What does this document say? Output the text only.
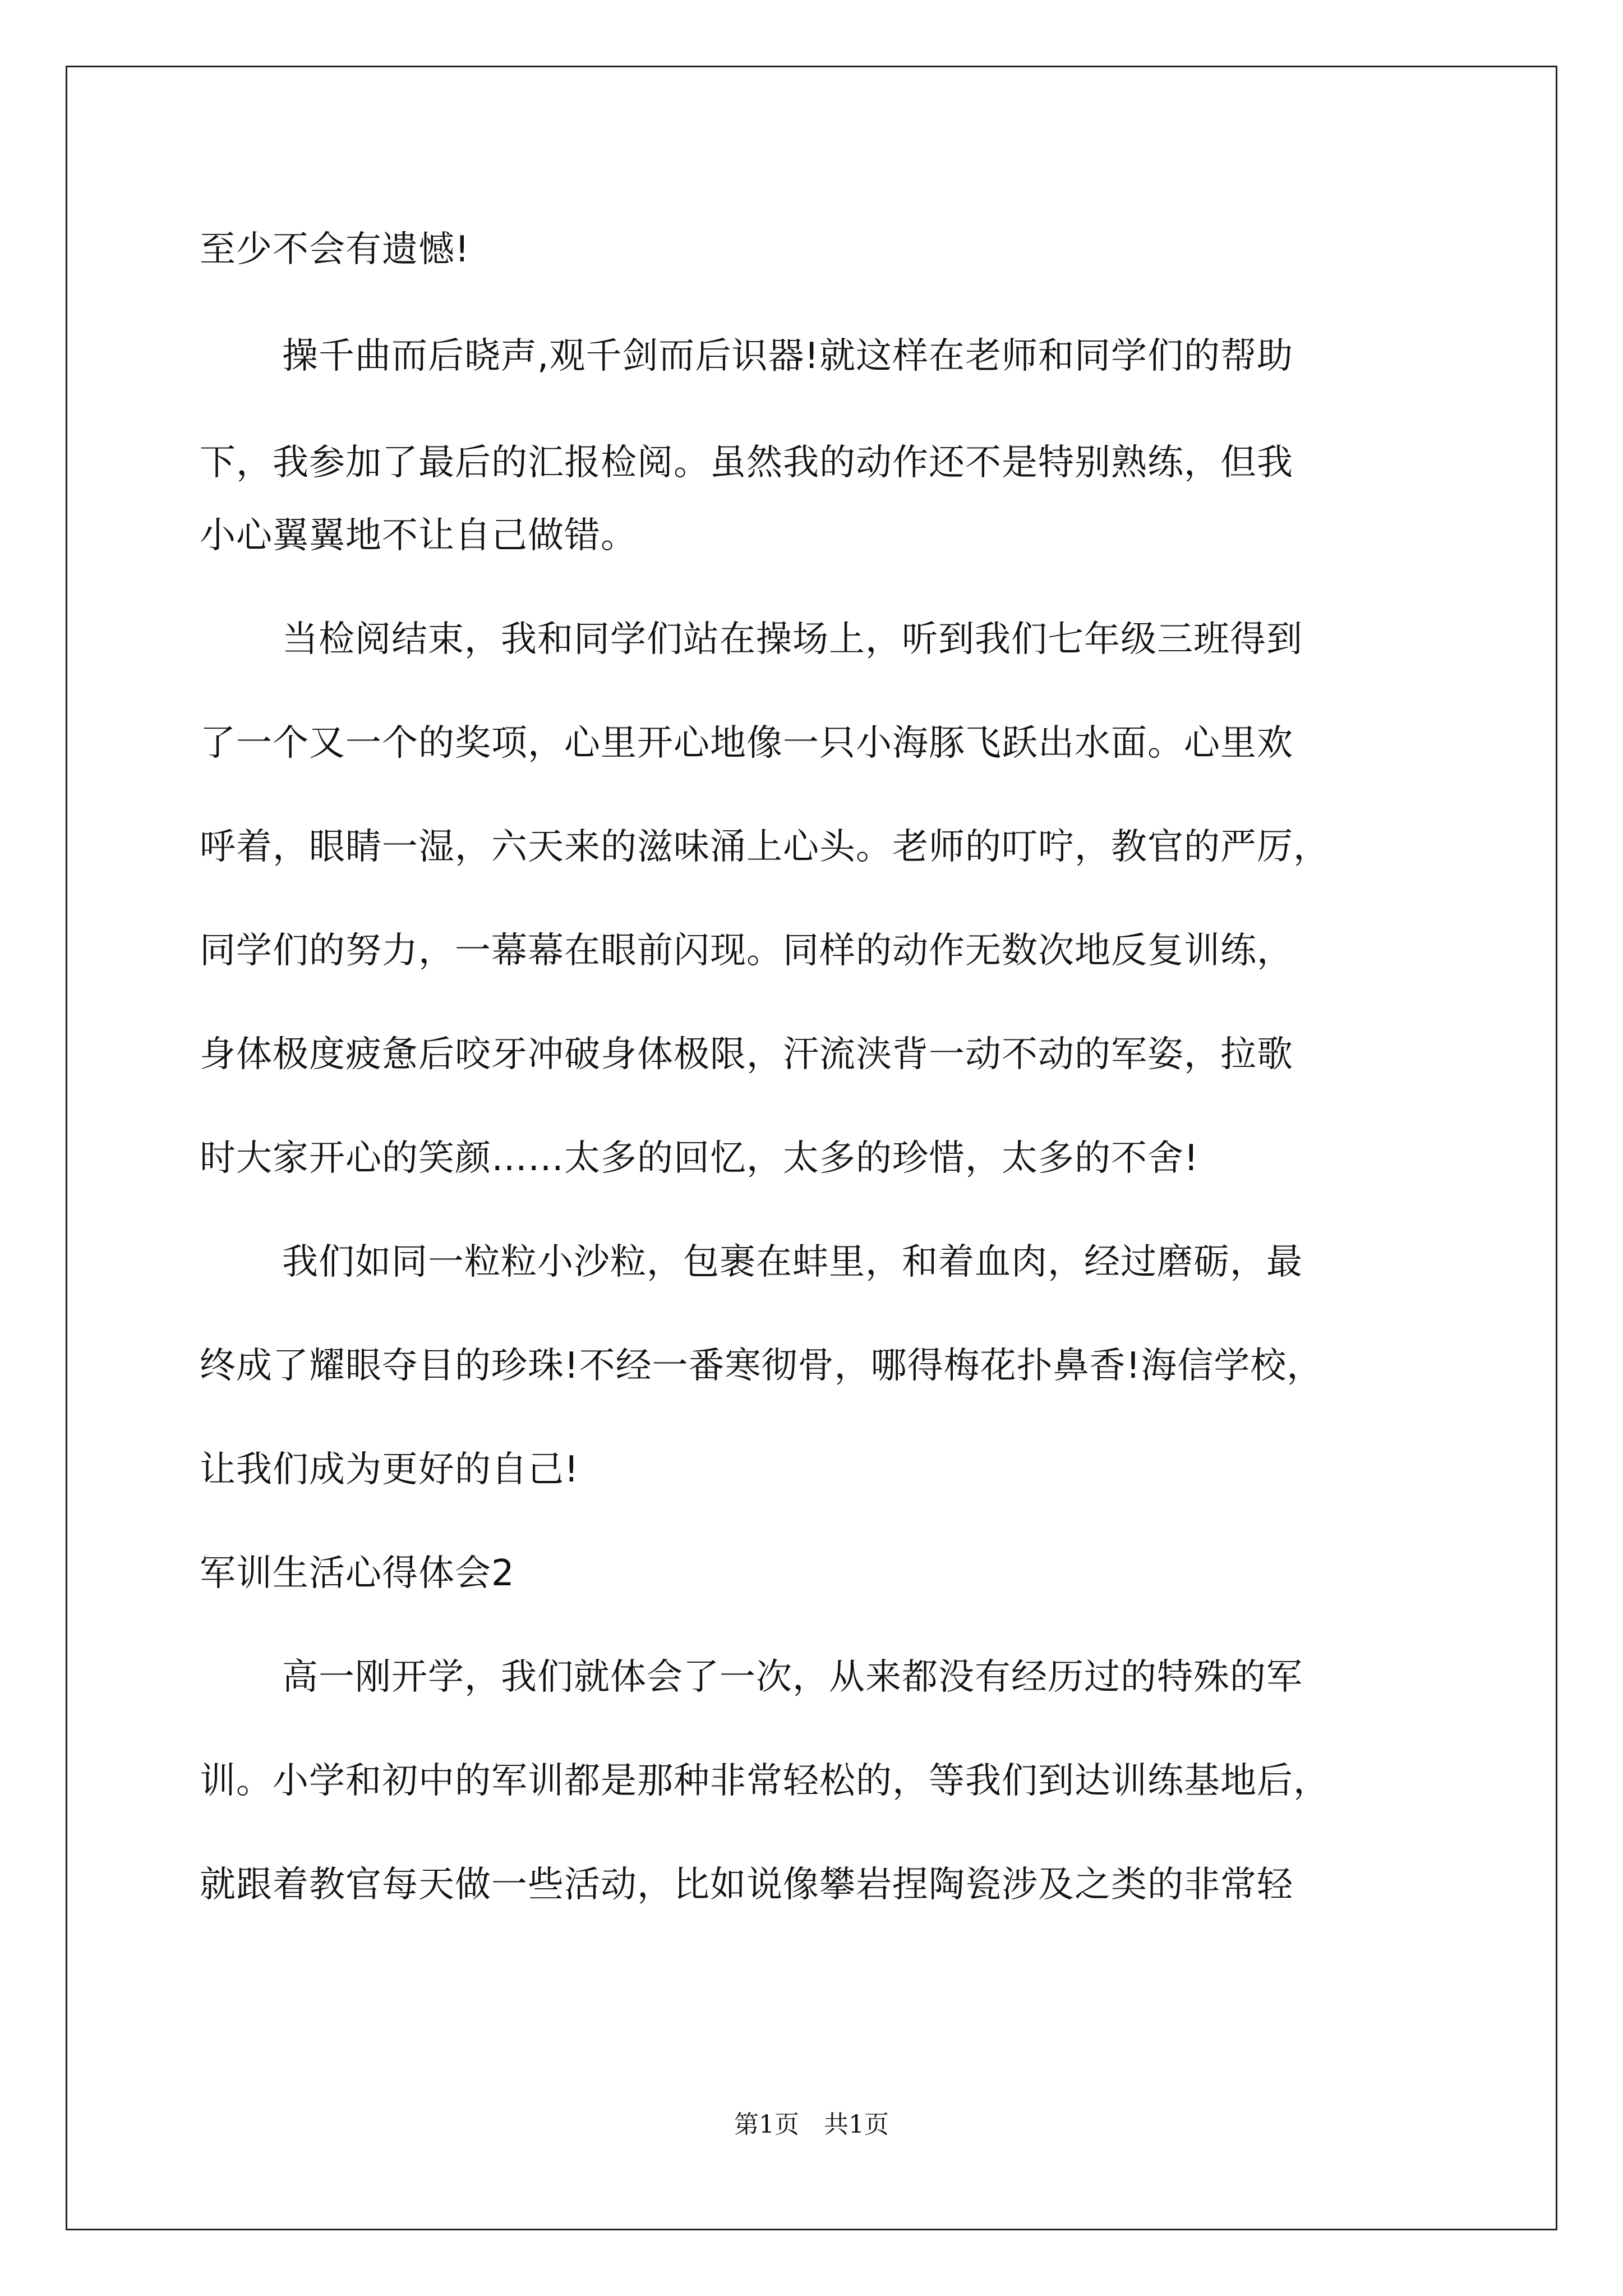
至少不会有遗憾!
操千曲而后晓声,观千剑而后识器!就这样在老师和同学们的帮助
下，我参加了最后的汇报检阅。虽然我的动作还不是特别熟练，但我
小心翼翼地不让自己做错。
当检阅结束，我和同学们站在操场上，听到我们七年级三班得到
了一个又一个的奖项，心里开心地像一只小海豚飞跃出水面。心里欢
呼着，眼睛一湿，六天来的滋味涌上心头。老师的叮咛，教官的严厉，
同学们的努力，一幕幕在眼前闪现。同样的动作无数次地反复训练，
身体极度疲惫后咬牙冲破身体极限，汗流浃背一动不动的军姿，拉歌
时大家开心的笑颜……太多的回忆，太多的珍惜，太多的不舍!
我们如同一粒粒小沙粒，包裹在蚌里，和着血肉，经过磨砺，最
终成了耀眼夺目的珍珠!不经一番寒彻骨，哪得梅花扑鼻香!海信学校，
让我们成为更好的自己!
军训生活心得体会2
高一刚开学，我们就体会了一次，从来都没有经历过的特殊的军
训。小学和初中的军训都是那种非常轻松的，等我们到达训练基地后，
就跟着教官每天做一些活动，比如说像攀岩捏陶瓷涉及之类的非常轻
第1页　共1页
